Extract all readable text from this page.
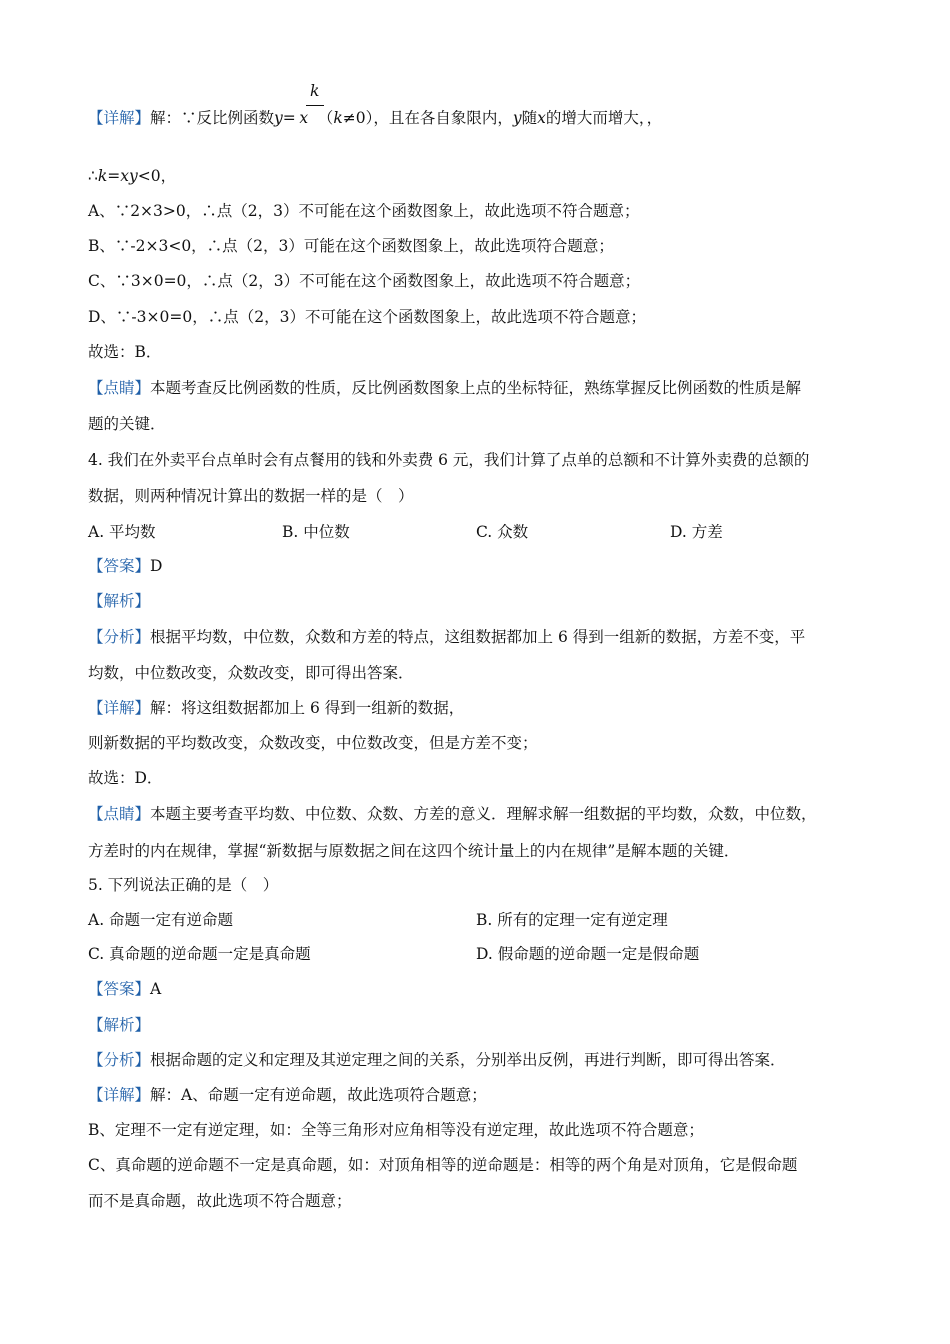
k
【详解】解：∵反比例函数y= x （k≠0），且在各自象限内，y随x的增大而增大，，
∴k=xy<0，
A、∵2×3>0，∴点（2，3）不可能在这个函数图象上，故此选项不符合题意；
B、∵-2×3<0，∴点（2，3）可能在这个函数图象上，故此选项符合题意；
C、∵3×0=0，∴点（2，3）不可能在这个函数图象上，故此选项不符合题意；
D、∵-3×0=0，∴点（2，3）不可能在这个函数图象上，故此选项不符合题意；
故选：B．
【点睛】本题考查反比例函数的性质，反比例函数图象上点的坐标特征，熟练掌握反比例函数的性质是解
题的关键．
4. 我们在外卖平台点单时会有点餐用的钱和外卖费 6 元，我们计算了点单的总额和不计算外卖费的总额的
数据，则两种情况计算出的数据一样的是（　）
A. 平均数	B. 中位数	C. 众数	D. 方差
【答案】D
【解析】
【分析】根据平均数，中位数，众数和方差的特点，这组数据都加上 6 得到一组新的数据，方差不变，平
均数，中位数改变，众数改变，即可得出答案．
【详解】解：将这组数据都加上 6 得到一组新的数据，
则新数据的平均数改变，众数改变，中位数改变，但是方差不变；
故选：D．
【点睛】本题主要考查平均数、中位数、众数、方差的意义．理解求解一组数据的平均数，众数，中位数，
方差时的内在规律，掌握“新数据与原数据之间在这四个统计量上的内在规律”是解本题的关键．
5. 下列说法正确的是（　）
A. 命题一定有逆命题	B. 所有的定理一定有逆定理
C. 真命题的逆命题一定是真命题	D. 假命题的逆命题一定是假命题
【答案】A
【解析】
【分析】根据命题的定义和定理及其逆定理之间的关系，分别举出反例，再进行判断，即可得出答案．
【详解】解：A、命题一定有逆命题，故此选项符合题意；
B、定理不一定有逆定理，如：全等三角形对应角相等没有逆定理，故此选项不符合题意；
C、真命题的逆命题不一定是真命题，如：对顶角相等的逆命题是：相等的两个角是对顶角，它是假命题
而不是真命题，故此选项不符合题意；
